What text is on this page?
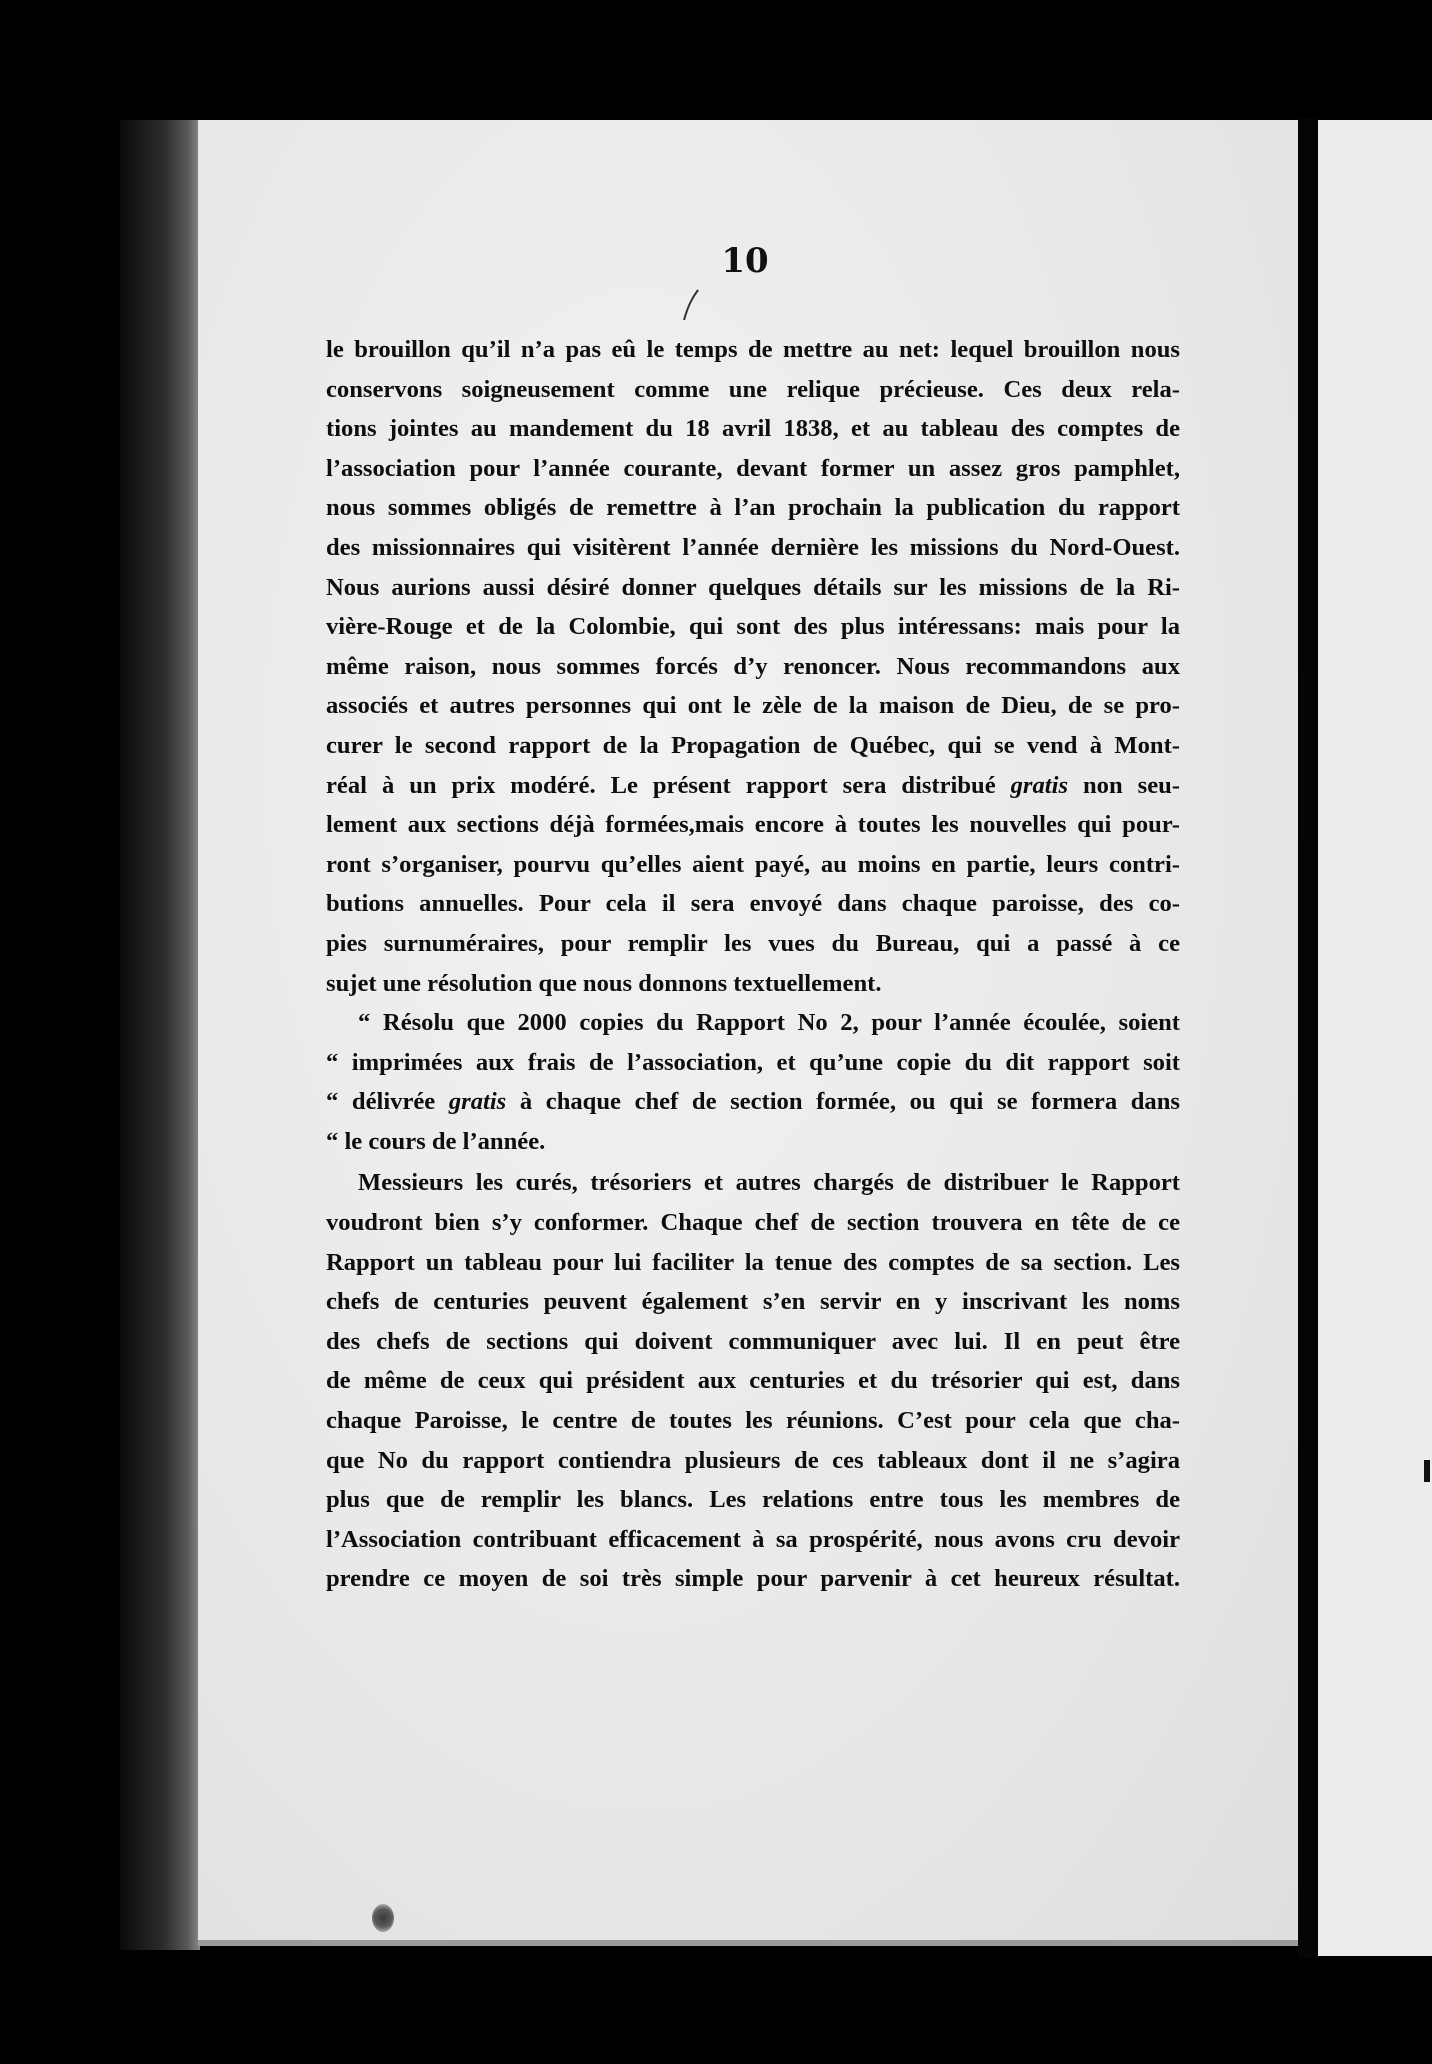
10
le brouillon qu’il n’a pas eû le temps de mettre au net: lequel brouillon nous
conservons soigneusement comme une relique précieuse. Ces deux rela-
tions jointes au mandement du 18 avril 1838, et au tableau des comptes de
l’association pour l’année courante, devant former un assez gros pamphlet,
nous sommes obligés de remettre à l’an prochain la publication du rapport
des missionnaires qui visitèrent l’année dernière les missions du Nord-Ouest.
Nous aurions aussi désiré donner quelques détails sur les missions de la Ri-
vière-Rouge et de la Colombie, qui sont des plus intéressans: mais pour la
même raison, nous sommes forcés d’y renoncer. Nous recommandons aux
associés et autres personnes qui ont le zèle de la maison de Dieu, de se pro-
curer le second rapport de la Propagation de Québec, qui se vend à Mont-
réal à un prix modéré. Le présent rapport sera distribué gratis non seu-
lement aux sections déjà formées,mais encore à toutes les nouvelles qui pour-
ront s’organiser, pourvu qu’elles aient payé, au moins en partie, leurs contri-
butions annuelles. Pour cela il sera envoyé dans chaque paroisse, des co-
pies surnuméraires, pour remplir les vues du Bureau, qui a passé à ce
sujet une résolution que nous donnons textuellement.
“ Résolu que 2000 copies du Rapport No 2, pour l’année écoulée, soient
“ imprimées aux frais de l’association, et qu’une copie du dit rapport soit
“ délivrée gratis à chaque chef de section formée, ou qui se formera dans
“ le cours de l’année.
Messieurs les curés, trésoriers et autres chargés de distribuer le Rapport
voudront bien s’y conformer. Chaque chef de section trouvera en tête de ce
Rapport un tableau pour lui faciliter la tenue des comptes de sa section. Les
chefs de centuries peuvent également s’en servir en y inscrivant les noms
des chefs de sections qui doivent communiquer avec lui. Il en peut être
de même de ceux qui président aux centuries et du trésorier qui est, dans
chaque Paroisse, le centre de toutes les réunions. C’est pour cela que cha-
que No du rapport contiendra plusieurs de ces tableaux dont il ne s’agira
plus que de remplir les blancs. Les relations entre tous les membres de
l’Association contribuant efficacement à sa prospérité, nous avons cru devoir
prendre ce moyen de soi très simple pour parvenir à cet heureux résultat.
